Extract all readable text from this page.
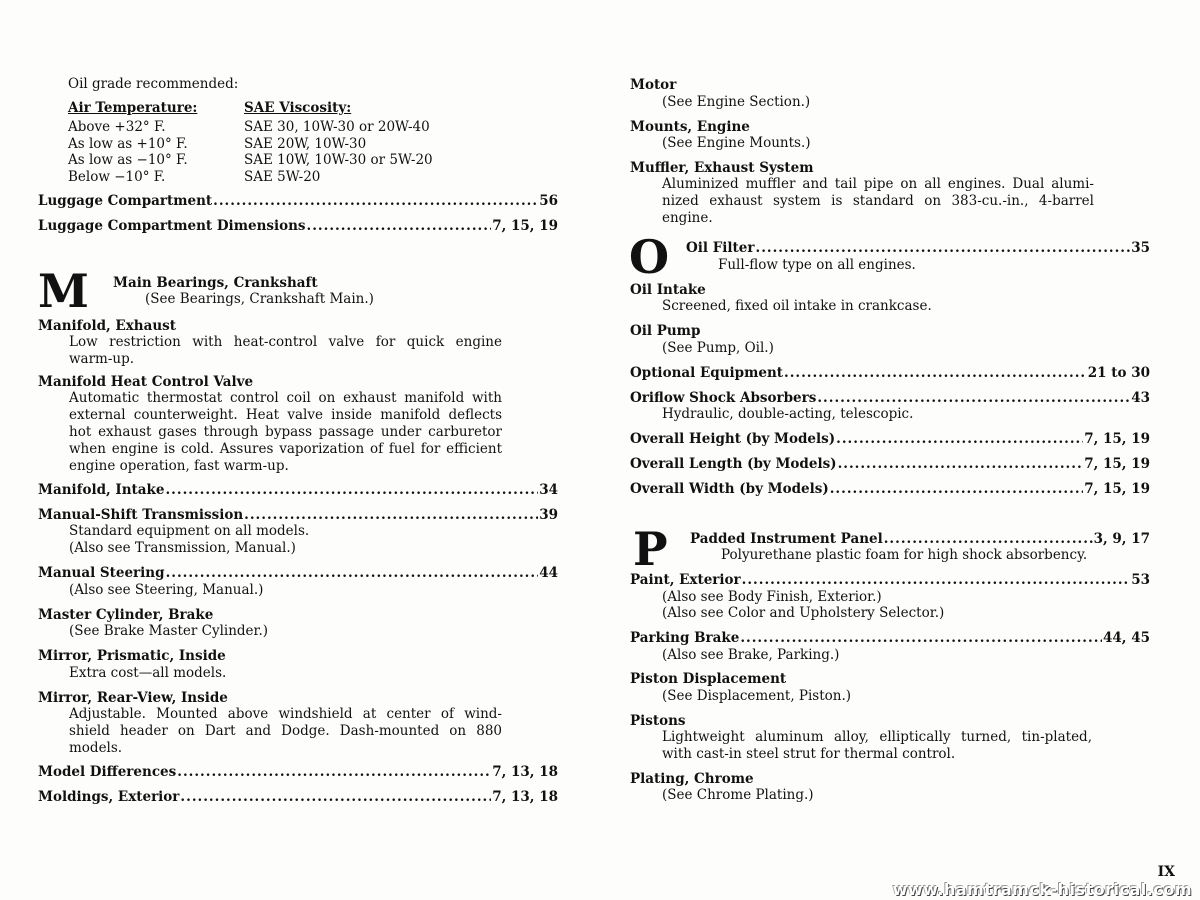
Oil grade recommended:
Air Temperature:	SAE Viscosity:
Above +32° F.	SAE 30, 10W-30 or 20W-40
As low as +10° F.	SAE 20W, 10W-30
As low as −10° F.	SAE 10W, 10W-30 or 5W-20
Below −10° F.	SAE 5W-20
Luggage Compartment .....	56
Luggage Compartment Dimensions .....	7, 15, 19
M Main Bearings, Crankshaft
(See Bearings, Crankshaft Main.)
Manifold, Exhaust
Low restriction with heat-control valve for quick engine
warm-up.
Manifold Heat Control Valve
Automatic thermostat control coil on exhaust manifold with
external counterweight. Heat valve inside manifold deflects
hot exhaust gases through bypass passage under carburetor
when engine is cold. Assures vaporization of fuel for efficient
engine operation, fast warm-up.
Manifold, Intake .....	34
Manual-Shift Transmission .....	39
Standard equipment on all models.
(Also see Transmission, Manual.)
Manual Steering .....	44
(Also see Steering, Manual.)
Master Cylinder, Brake
(See Brake Master Cylinder.)
Mirror, Prismatic, Inside
Extra cost—all models.
Mirror, Rear-View, Inside
Adjustable. Mounted above windshield at center of wind-
shield header on Dart and Dodge. Dash-mounted on 880
models.
Model Differences .....	7, 13, 18
Moldings, Exterior .....	7, 13, 18
Motor
(See Engine Section.)
Mounts, Engine
(See Engine Mounts.)
Muffler, Exhaust System
Aluminized muffler and tail pipe on all engines. Dual alumi-
nized exhaust system is standard on 383-cu.-in., 4-barrel engine.
O Oil Filter .....	35
Full-flow type on all engines.
Oil Intake
Screened, fixed oil intake in crankcase.
Oil Pump
(See Pump, Oil.)
Optional Equipment .....	21 to 30
Oriflow Shock Absorbers .....	43
Hydraulic, double-acting, telescopic.
Overall Height (by Models) .....	7, 15, 19
Overall Length (by Models) .....	7, 15, 19
Overall Width (by Models) .....	7, 15, 19
P Padded Instrument Panel .....	3, 9, 17
Polyurethane plastic foam for high shock absorbency.
Paint, Exterior .....	53
(Also see Body Finish, Exterior.)
(Also see Color and Upholstery Selector.)
Parking Brake .....	44, 45
(Also see Brake, Parking.)
Piston Displacement
(See Displacement, Piston.)
Pistons
Lightweight aluminum alloy, elliptically turned, tin-plated,
with cast-in steel strut for thermal control.
Plating, Chrome
(See Chrome Plating.)
IX
www.hamtramck-historical.com
